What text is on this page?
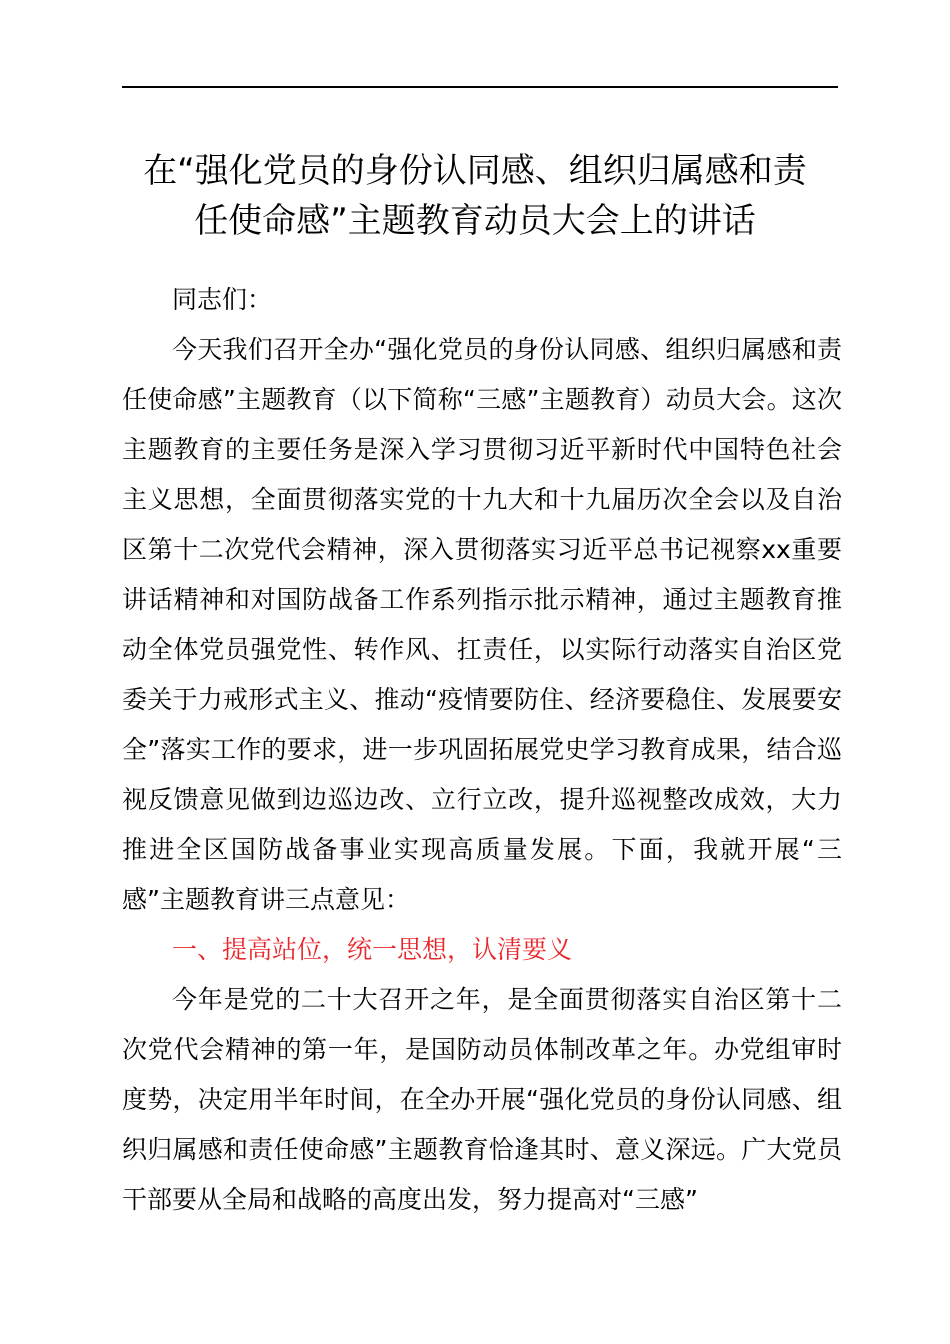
在“强化党员的身份认同感、组织归属感和责
任使命感”主题教育动员大会上的讲话

同志们：

今天我们召开全办“强化党员的身份认同感、组织归属感和责任使命感”主题教育（以下简称“三感”主题教育）动员大会。这次主题教育的主要任务是深入学习贯彻习近平新时代中国特色社会主义思想，全面贯彻落实党的十九大和十九届历次全会以及自治区第十二次党代会精神，深入贯彻落实习近平总书记视察xx重要讲话精神和对国防战备工作系列指示批示精神，通过主题教育推动全体党员强党性、转作风、扛责任，以实际行动落实自治区党委关于力戒形式主义、推动“疫情要防住、经济要稳住、发展要安全”落实工作的要求，进一步巩固拓展党史学习教育成果，结合巡视反馈意见做到边巡边改、立行立改，提升巡视整改成效，大力推进全区国防战备事业实现高质量发展。下面，我就开展“三感”主题教育讲三点意见：

一、提高站位，统一思想，认清要义

今年是党的二十大召开之年，是全面贯彻落实自治区第十二次党代会精神的第一年，是国防动员体制改革之年。办党组审时度势，决定用半年时间，在全办开展“强化党员的身份认同感、组织归属感和责任使命感”主题教育恰逢其时、意义深远。广大党员干部要从全局和战略的高度出发，努力提高对“三感”
